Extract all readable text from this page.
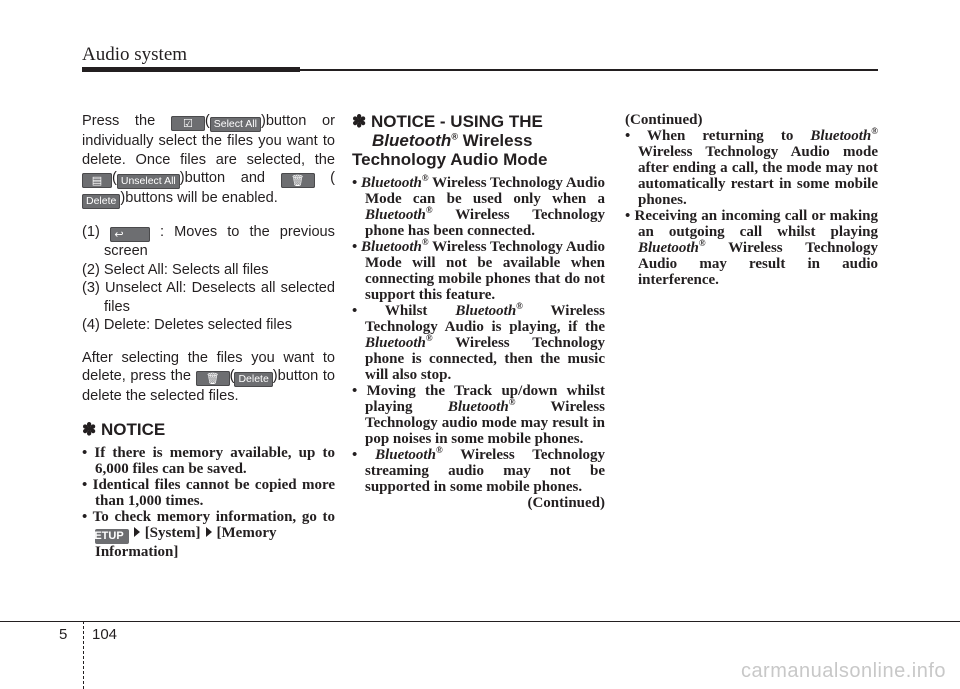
Audio system

Press the	☑ ( Select All )button or individually select the files you want to delete. Once files are selected, the ▤ ( Unselect All )button and 🗑 (Delete )buttons will be enabled.

(1) ↩ : Moves to the previous screen

(2) Select All: Selects all files

(3) Unselect All: Deselects all selected files

(4) Delete: Deletes selected files

After selecting the files you want to delete, press the 🗑 ( Delete )button to delete the selected files.

✽ NOTICE

• If there is memory available, up to 6,000 files can be saved.

• Identical files cannot be copied more than 1,000 times.

• To check memory information, go to SETUP [System] [Memory Information]

✽ NOTICE - USING THE
Bluetooth® Wireless Technology Audio Mode

• Bluetooth® Wireless Technology Audio Mode can be used only when a Bluetooth® Wireless Technology phone has been connected.

• Bluetooth® Wireless Technology Audio Mode will not be available when connecting mobile phones that do not support this feature.

• Whilst Bluetooth® Wireless Technology Audio is playing, if the Bluetooth® Wireless Technology phone is connected, then the music will also stop.

• Moving the Track up/down whilst playing Bluetooth® Wireless Technology audio mode may result in pop noises in some mobile phones.

• Bluetooth® Wireless Technology streaming audio may not be supported in some mobile phones.

(Continued)

(Continued)

• When returning to Bluetooth® Wireless Technology Audio mode after ending a call, the mode may not automatically restart in some mobile phones.

• Receiving an incoming call or making an outgoing call whilst playing Bluetooth® Wireless Technology Audio may result in audio interference.

5 104
carmanualsonline.info
